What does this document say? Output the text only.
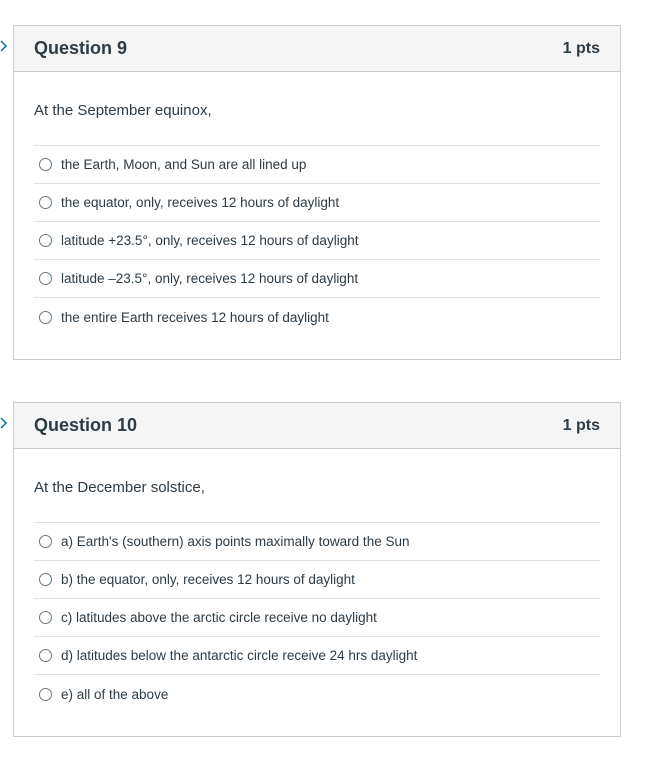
Question 9	1 pts
At the September equinox,
the Earth, Moon, and Sun are all lined up
the equator, only, receives 12 hours of daylight
latitude +23.5°, only, receives 12 hours of daylight
latitude –23.5°, only, receives 12 hours of daylight
the entire Earth receives 12 hours of daylight
Question 10	1 pts
At the December solstice,
a) Earth's (southern) axis points maximally toward the Sun
b) the equator, only, receives 12 hours of daylight
c) latitudes above the arctic circle receive no daylight
d) latitudes below the antarctic circle receive 24 hrs daylight
e) all of the above
